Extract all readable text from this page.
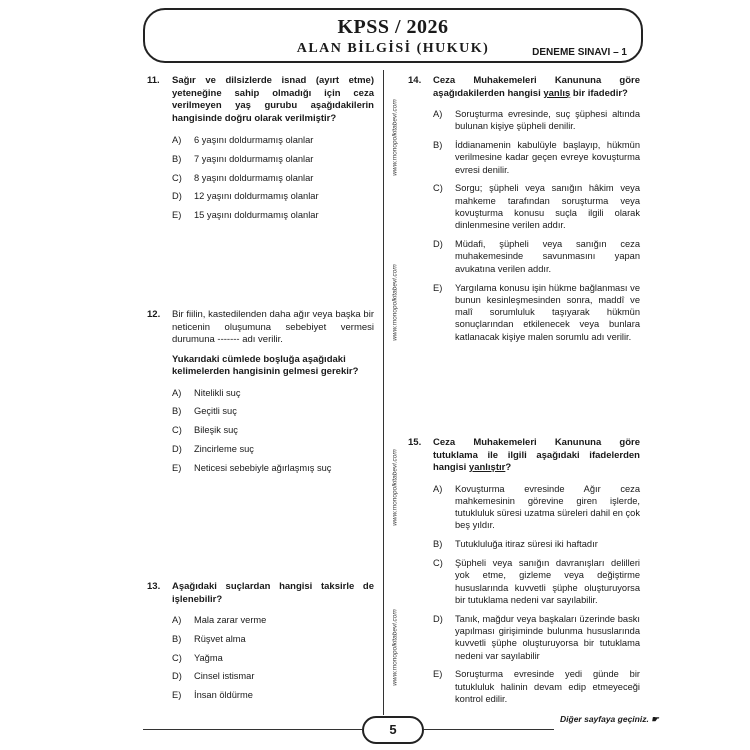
KPSS / 2026
ALAN BİLGİSİ (HUKUK)	DENEME SINAVI – 1
www.monopolkitabevi.com
www.monopolkitabevi.com
www.monopolkitabevi.com
www.monopolkitabevi.com
11. Sağır ve dilsizlerde isnad (ayırt etme) yeteneğine sahip olmadığı için ceza verilmeyen yaş gurubu aşağıdakilerin hangisinde doğru olarak verilmiştir?
A) 6 yaşını doldurmamış olanlar
B) 7 yaşını doldurmamış olanlar
C) 8 yaşını doldurmamış olanlar
D) 12 yaşını doldurmamış olanlar
E) 15 yaşını doldurmamış olanlar
12. Bir fiilin, kastedilenden daha ağır veya başka bir neticenin oluşumuna sebebiyet vermesi durumuna ------- adı verilir.
Yukarıdaki cümlede boşluğa aşağıdaki kelimelerden hangisinin gelmesi gerekir?
A) Nitelikli suç
B) Geçitli suç
C) Bileşik suç
D) Zincirleme suç
E) Neticesi sebebiyle ağırlaşmış suç
13. Aşağıdaki suçlardan hangisi taksirle de işlenebilir?
A) Mala zarar verme
B) Rüşvet alma
C) Yağma
D) Cinsel istismar
E) İnsan öldürme
14. Ceza Muhakemeleri Kanununa göre aşağıdakilerden hangisi yanlış bir ifadedir?
A) Soruşturma evresinde, suç şüphesi altında bulunan kişiye şüpheli denilir.
B) İddianamenin kabulüyle başlayıp, hükmün verilmesine kadar geçen evreye kovuşturma evresi denilir.
C) Sorgu; şüpheli veya sanığın hâkim veya mahkeme tarafından soruşturma veya kovuşturma konusu suçla ilgili olarak dinlenmesine verilen addır.
D) Müdafi, şüpheli veya sanığın ceza muhakemesinde savunmasını yapan avukatına verilen addır.
E) Yargılama konusu işin hükme bağlanması ve bunun kesinleşmesinden sonra, maddî ve malî sorumluluk taşıyarak hükmün sonuçlarından etkilenecek veya bunlara katlanacak kişiye malen sorumlu adı verilir.
15. Ceza Muhakemeleri Kanununa göre tutuklama ile ilgili aşağıdaki ifadelerden hangisi yanlıştır?
A) Kovuşturma evresinde Ağır ceza mahkemesinin görevine giren işlerde, tutukluluk süresi uzatma süreleri dahil en çok beş yıldır.
B) Tutukluluğa itiraz süresi iki haftadır
C) Şüpheli veya sanığın davranışları delilleri yok etme, gizleme veya değiştirme hususlarında kuvvetli şüphe oluşturuyorsa bir tutuklama nedeni var sayılabilir.
D) Tanık, mağdur veya başkaları üzerinde baskı yapılması girişiminde bulunma hususlarında kuvvetli şüphe oluşturuyorsa bir tutuklama nedeni var sayılabilir
E) Soruşturma evresinde yedi günde bir tutukluluk halinin devam edip etmeyeceği kontrol edilir.
5
Diğer sayfaya geçiniz. ☛
